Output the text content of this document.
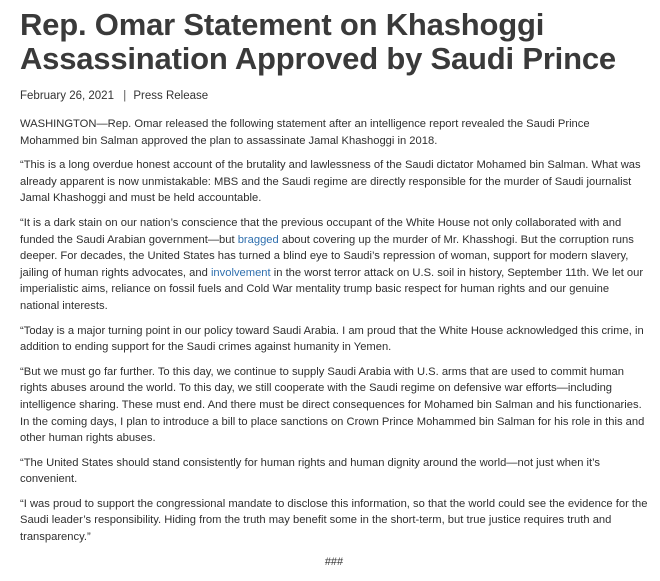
Rep. Omar Statement on Khashoggi Assassination Approved by Saudi Prince
February 26, 2021 | Press Release

WASHINGTON—Rep. Omar released the following statement after an intelligence report revealed the Saudi Prince Mohammed bin Salman approved the plan to assassinate Jamal Khashoggi in 2018.

“This is a long overdue honest account of the brutality and lawlessness of the Saudi dictator Mohamed bin Salman. What was already apparent is now unmistakable: MBS and the Saudi regime are directly responsible for the murder of Saudi journalist Jamal Khashoggi and must be held accountable.

“It is a dark stain on our nation’s conscience that the previous occupant of the White House not only collaborated with and funded the Saudi Arabian government—but bragged about covering up the murder of Mr. Khasshogi. But the corruption runs deeper. For decades, the United States has turned a blind eye to Saudi’s repression of woman, support for modern slavery, jailing of human rights advocates, and involvement in the worst terror attack on U.S. soil in history, September 11th. We let our imperialistic aims, reliance on fossil fuels and Cold War mentality trump basic respect for human rights and our genuine national interests.

“Today is a major turning point in our policy toward Saudi Arabia. I am proud that the White House acknowledged this crime, in addition to ending support for the Saudi crimes against humanity in Yemen.

“But we must go far further. To this day, we continue to supply Saudi Arabia with U.S. arms that are used to commit human rights abuses around the world. To this day, we still cooperate with the Saudi regime on defensive war efforts—including intelligence sharing. These must end. And there must be direct consequences for Mohamed bin Salman and his functionaries. In the coming days, I plan to introduce a bill to place sanctions on Crown Prince Mohammed bin Salman for his role in this and other human rights abuses.

“The United States should stand consistently for human rights and human dignity around the world—not just when it’s convenient.

“I was proud to support the congressional mandate to disclose this information, so that the world could see the evidence for the Saudi leader’s responsibility. Hiding from the truth may benefit some in the short-term, but true justice requires truth and transparency.”

###
